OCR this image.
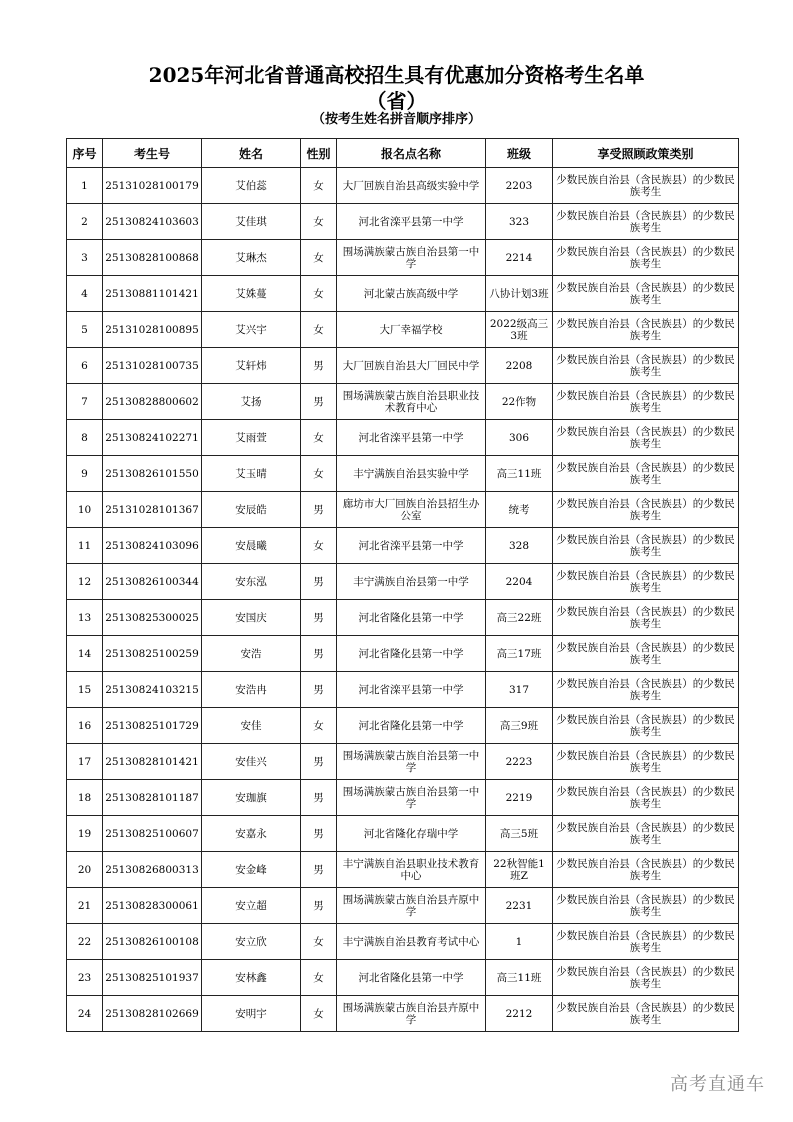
2025年河北省普通高校招生具有优惠加分资格考生名单
（省）
（按考生姓名拼音顺序排序）
序号	考生号	姓名	性别	报名点名称	班级	享受照顾政策类别
1	25131028100179	艾伯蕊	女	大厂回族自治县高级实验中学	2203	少数民族自治县（含民族县）的少数民族考生
2	25130824103603	艾佳琪	女	河北省滦平县第一中学	323	少数民族自治县（含民族县）的少数民族考生
3	25130828100868	艾琳杰	女	围场满族蒙古族自治县第一中学	2214	少数民族自治县（含民族县）的少数民族考生
4	25130881101421	艾姝蔓	女	河北蒙古族高级中学	八协计划3班	少数民族自治县（含民族县）的少数民族考生
5	25131028100895	艾兴宇	女	大厂幸福学校	2022级高三3班	少数民族自治县（含民族县）的少数民族考生
6	25131028100735	艾轩炜	男	大厂回族自治县大厂回民中学	2208	少数民族自治县（含民族县）的少数民族考生
7	25130828800602	艾扬	男	围场满族蒙古族自治县职业技术教育中心	22作物	少数民族自治县（含民族县）的少数民族考生
8	25130824102271	艾雨萱	女	河北省滦平县第一中学	306	少数民族自治县（含民族县）的少数民族考生
9	25130826101550	艾玉晴	女	丰宁满族自治县实验中学	高三11班	少数民族自治县（含民族县）的少数民族考生
10	25131028101367	安辰皓	男	廊坊市大厂回族自治县招生办公室	统考	少数民族自治县（含民族县）的少数民族考生
11	25130824103096	安晨曦	女	河北省滦平县第一中学	328	少数民族自治县（含民族县）的少数民族考生
12	25130826100344	安东泓	男	丰宁满族自治县第一中学	2204	少数民族自治县（含民族县）的少数民族考生
13	25130825300025	安国庆	男	河北省隆化县第一中学	高三22班	少数民族自治县（含民族县）的少数民族考生
14	25130825100259	安浩	男	河北省隆化县第一中学	高三17班	少数民族自治县（含民族县）的少数民族考生
15	25130824103215	安浩冉	男	河北省滦平县第一中学	317	少数民族自治县（含民族县）的少数民族考生
16	25130825101729	安佳	女	河北省隆化县第一中学	高三9班	少数民族自治县（含民族县）的少数民族考生
17	25130828101421	安佳兴	男	围场满族蒙古族自治县第一中学	2223	少数民族自治县（含民族县）的少数民族考生
18	25130828101187	安珈旗	男	围场满族蒙古族自治县第一中学	2219	少数民族自治县（含民族县）的少数民族考生
19	25130825100607	安嘉永	男	河北省隆化存瑞中学	高三5班	少数民族自治县（含民族县）的少数民族考生
20	25130826800313	安金峰	男	丰宁满族自治县职业技术教育中心	22秋智能1班Z	少数民族自治县（含民族县）的少数民族考生
21	25130828300061	安立超	男	围场满族蒙古族自治县卉原中学	2231	少数民族自治县（含民族县）的少数民族考生
22	25130826100108	安立欣	女	丰宁满族自治县教育考试中心	1	少数民族自治县（含民族县）的少数民族考生
23	25130825101937	安林鑫	女	河北省隆化县第一中学	高三11班	少数民族自治县（含民族县）的少数民族考生
24	25130828102669	安明宇	女	围场满族蒙古族自治县卉原中学	2212	少数民族自治县（含民族县）的少数民族考生
高考直通车
